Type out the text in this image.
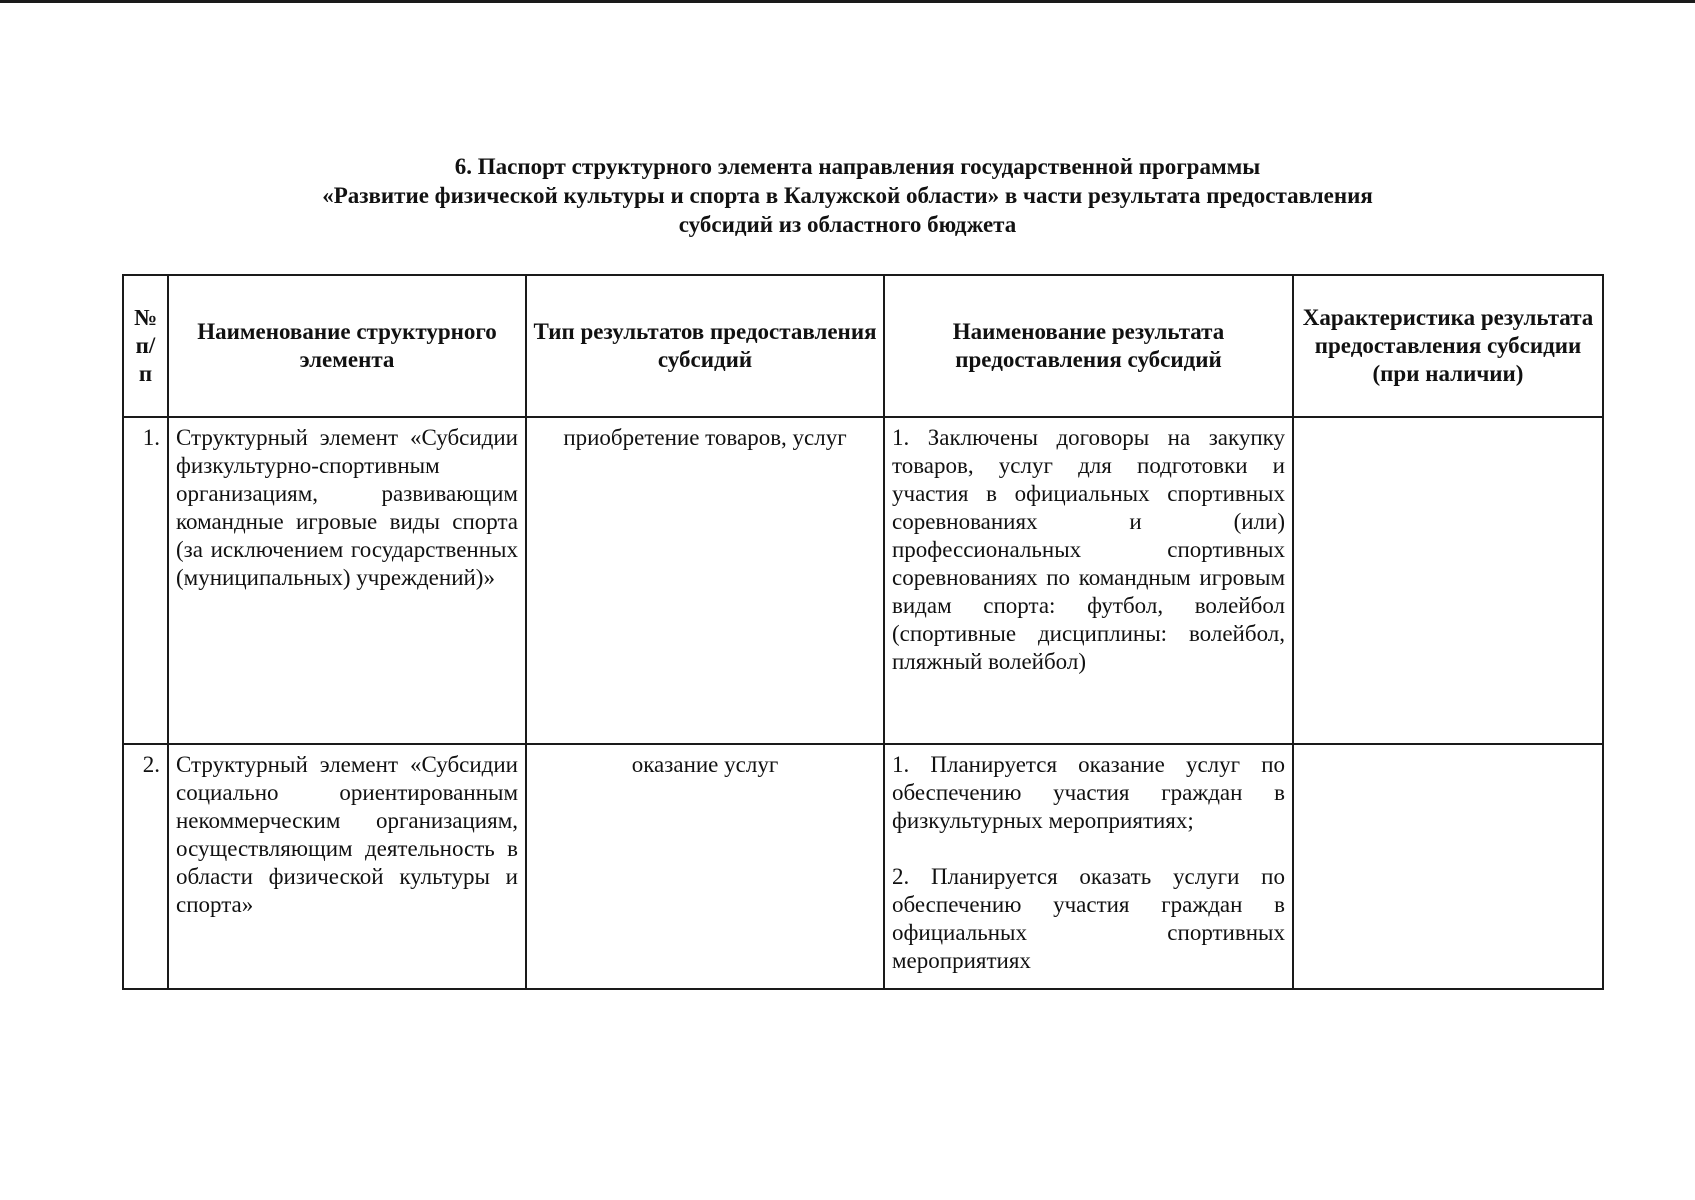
6. Паспорт структурного элемента направления государственной программы
«Развитие физической культуры и спорта в Калужской области» в части результата предоставления
субсидий из областного бюджета
№ п/п	Наименование структурного элемента	Тип результатов предоставления субсидий	Наименование результата предоставления субсидий	Характеристика результата предоставления субсидии (при наличии)
1.	Структурный элемент «Субсидии физкультурно-спортивным организациям, развивающим командные игровые виды спорта (за исключением государственных (муниципальных) учреждений)»	приобретение товаров, услуг	1. Заключены договоры на закупку товаров, услуг для подготовки и участия в официальных спортивных соревнованиях и (или) профессиональных спортивных соревнованиях по командным игровым видам спорта: футбол, волейбол (спортивные дисциплины: волейбол, пляжный волейбол)	

2.	Структурный элемент «Субсидии социально ориентированным некоммерческим организациям, осуществляющим деятельность в области физической культуры и спорта»	оказание услуг	1. Планируется оказание услуг по обеспечению участия граждан в физкультурных мероприятиях;
2. Планируется оказать услуги по обеспечению участия граждан в официальных спортивных мероприятиях	
